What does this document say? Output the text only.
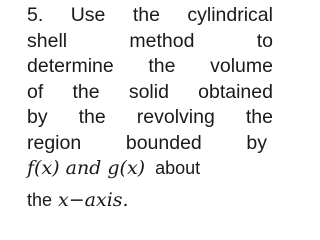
5. Use the cylindrical
shell	method	to
determine the volume
of the solid obtained
by the revolving the
region bounded by
f(x) and g(x) about
the x−axis.
